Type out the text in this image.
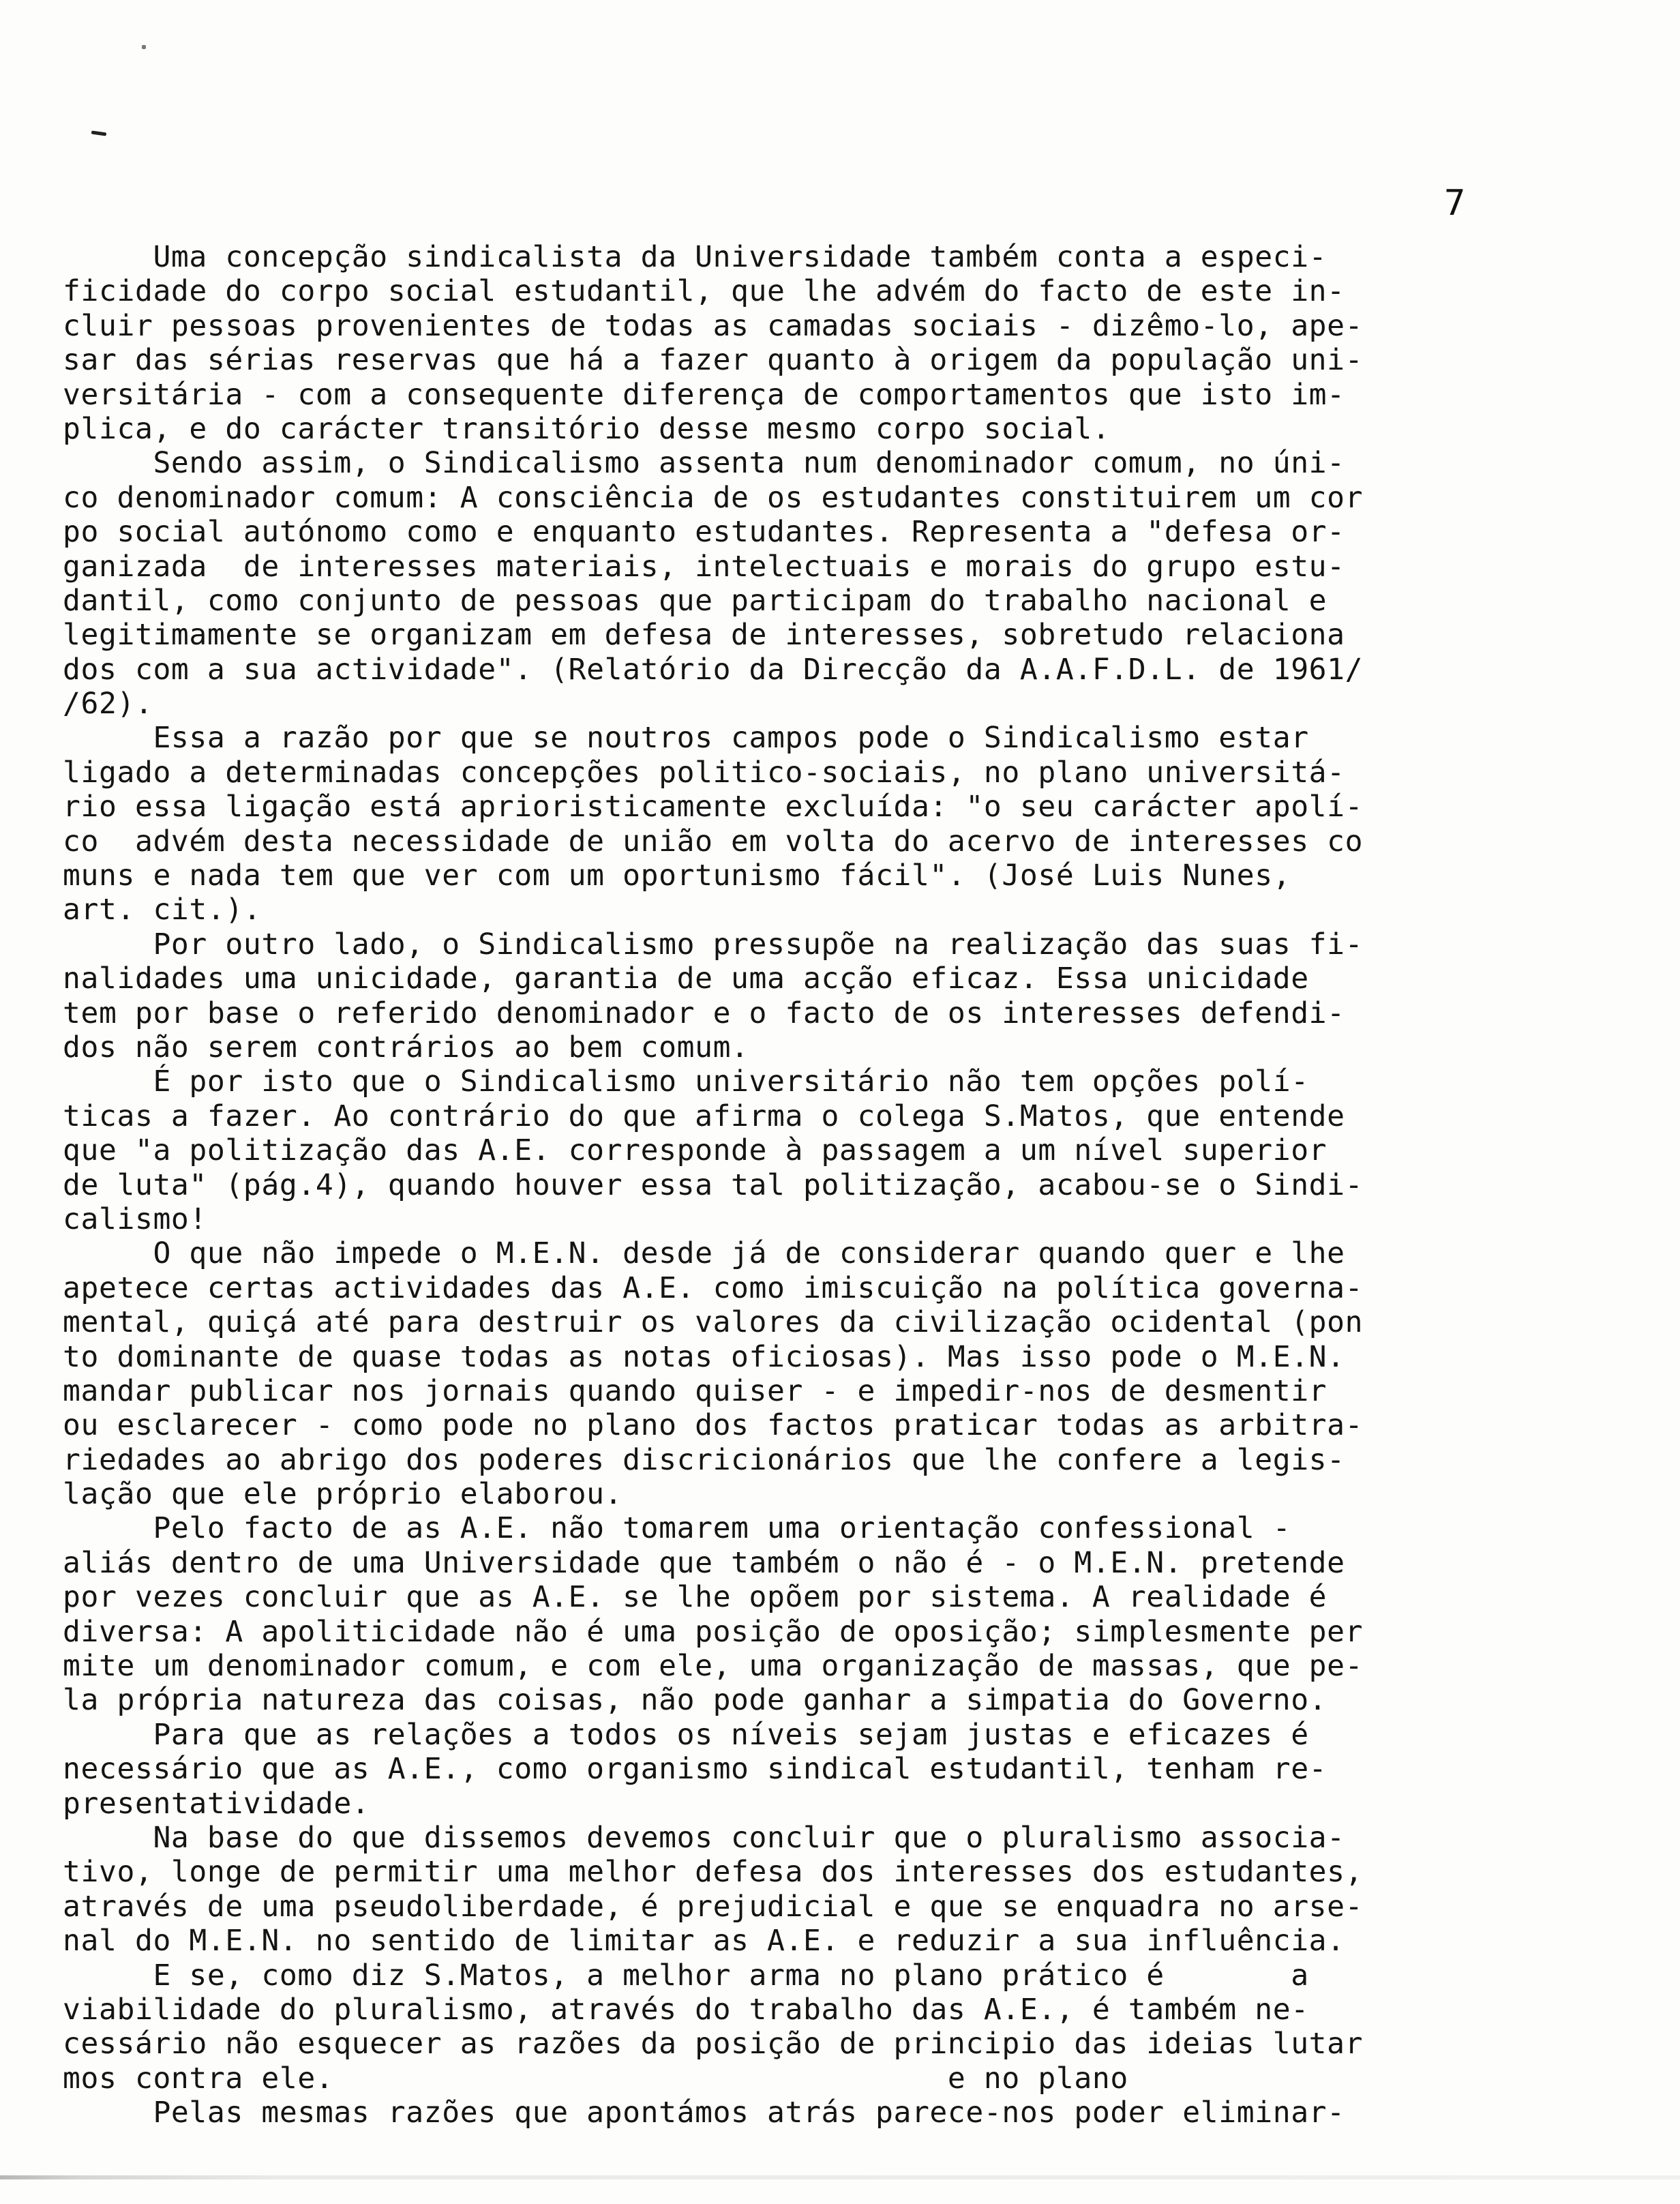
7
Uma concepção sindicalista da Universidade também conta a especi-
ficidade do corpo social estudantil, que lhe advém do facto de este in-
cluir pessoas provenientes de todas as camadas sociais - dizêmo-lo, ape-
sar das sérias reservas que há a fazer quanto à origem da população uni-
versitária - com a consequente diferença de comportamentos que isto im-
plica, e do carácter transitório desse mesmo corpo social.
Sendo assim, o Sindicalismo assenta num denominador comum, no úni-
co denominador comum: A consciência de os estudantes constituirem um cor
po social autónomo como e enquanto estudantes. Representa a "defesa or-
ganizada  de interesses materiais, intelectuais e morais do grupo estu-
dantil, como conjunto de pessoas que participam do trabalho nacional e
legitimamente se organizam em defesa de interesses, sobretudo relaciona
dos com a sua actividade". (Relatório da Direcção da A.A.F.D.L. de 1961/
/62).
Essa a razão por que se noutros campos pode o Sindicalismo estar
ligado a determinadas concepções politico-sociais, no plano universitá-
rio essa ligação está aprioristicamente excluída: "o seu carácter apolí-
co  advém desta necessidade de união em volta do acervo de interesses co
muns e nada tem que ver com um oportunismo fácil". (José Luis Nunes,
art. cit.).
Por outro lado, o Sindicalismo pressupõe na realização das suas fi-
nalidades uma unicidade, garantia de uma acção eficaz. Essa unicidade
tem por base o referido denominador e o facto de os interesses defendi-
dos não serem contrários ao bem comum.
É por isto que o Sindicalismo universitário não tem opções polí-
ticas a fazer. Ao contrário do que afirma o colega S.Matos, que entende
que "a politização das A.E. corresponde à passagem a um nível superior
de luta" (pág.4), quando houver essa tal politização, acabou-se o Sindi-
calismo!
O que não impede o M.E.N. desde já de considerar quando quer e lhe
apetece certas actividades das A.E. como imiscuição na política governa-
mental, quiçá até para destruir os valores da civilização ocidental (pon
to dominante de quase todas as notas oficiosas). Mas isso pode o M.E.N.
mandar publicar nos jornais quando quiser - e impedir-nos de desmentir
ou esclarecer - como pode no plano dos factos praticar todas as arbitra-
riedades ao abrigo dos poderes discricionários que lhe confere a legis-
lação que ele próprio elaborou.
Pelo facto de as A.E. não tomarem uma orientação confessional -
aliás dentro de uma Universidade que também o não é - o M.E.N. pretende
por vezes concluir que as A.E. se lhe opõem por sistema. A realidade é
diversa: A apoliticidade não é uma posição de oposição; simplesmente per
mite um denominador comum, e com ele, uma organização de massas, que pe-
la própria natureza das coisas, não pode ganhar a simpatia do Governo.
Para que as relações a todos os níveis sejam justas e eficazes é
necessário que as A.E., como organismo sindical estudantil, tenham re-
presentatividade.
Na base do que dissemos devemos concluir que o pluralismo associa-
tivo, longe de permitir uma melhor defesa dos interesses dos estudantes,
através de uma pseudoliberdade, é prejudicial e que se enquadra no arse-
nal do M.E.N. no sentido de limitar as A.E. e reduzir a sua influência.
E se, como diz S.Matos, a melhor arma no plano prático é       a
viabilidade do pluralismo, através do trabalho das A.E., é também ne-
cessário não esquecer as razões da posição de principio das ideias lutar
mos contra ele.                                  e no plano
Pelas mesmas razões que apontámos atrás parece-nos poder eliminar-
